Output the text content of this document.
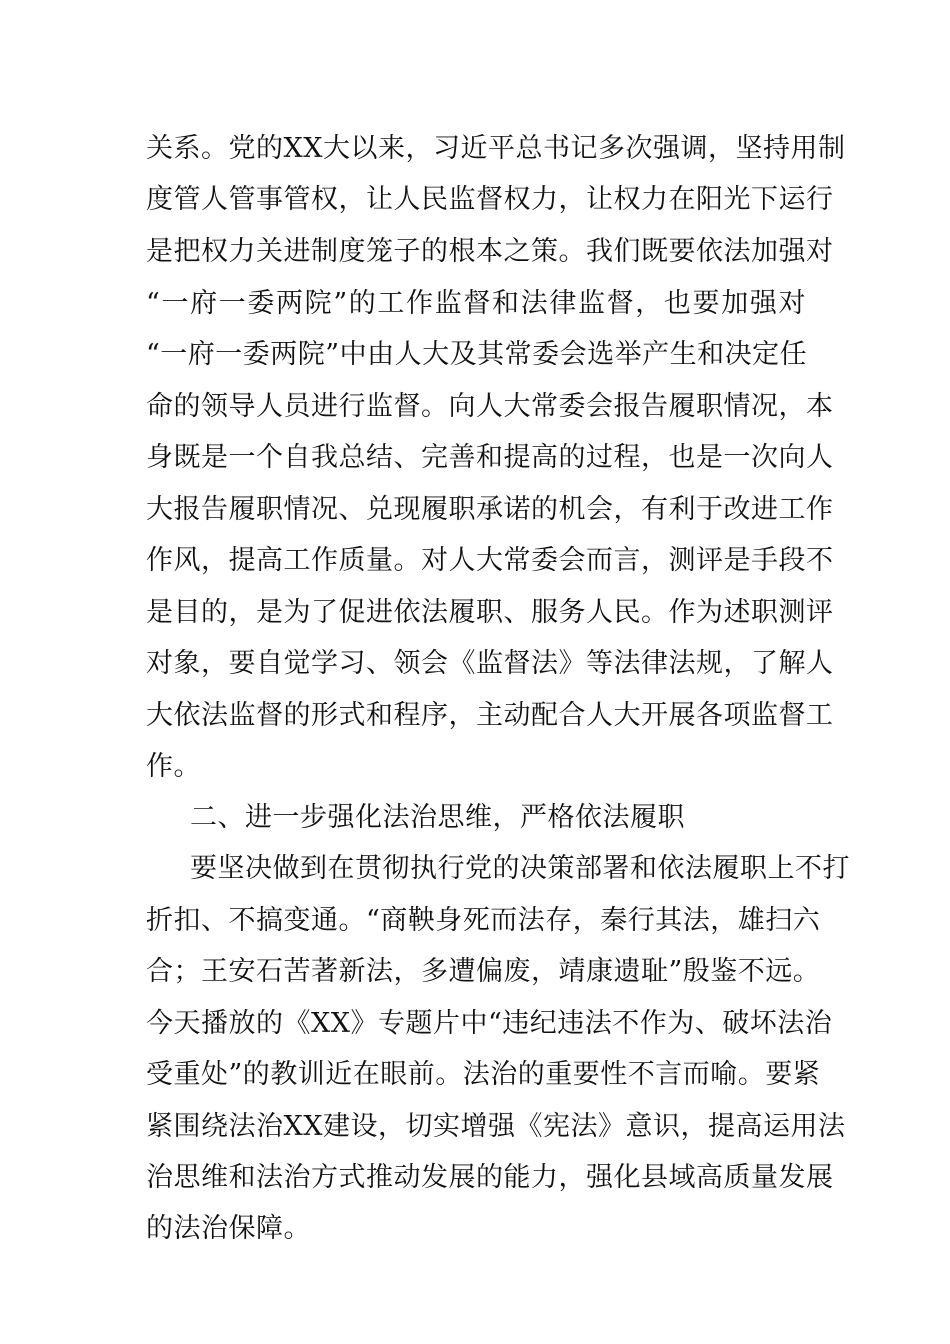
关系。党的XX大以来，习近平总书记多次强调，坚持用制
度管人管事管权，让人民监督权力，让权力在阳光下运行
是把权力关进制度笼子的根本之策。我们既要依法加强对
“一府一委两院”的工作监督和法律监督，也要加强对
“一府一委两院”中由人大及其常委会选举产生和决定任
命的领导人员进行监督。向人大常委会报告履职情况，本
身既是一个自我总结、完善和提高的过程，也是一次向人
大报告履职情况、兑现履职承诺的机会，有利于改进工作
作风，提高工作质量。对人大常委会而言，测评是手段不
是目的，是为了促进依法履职、服务人民。作为述职测评
对象，要自觉学习、领会《监督法》等法律法规，了解人
大依法监督的形式和程序，主动配合人大开展各项监督工
作。
二、进一步强化法治思维，严格依法履职
要坚决做到在贯彻执行党的决策部署和依法履职上不打
折扣、不搞变通。“商鞅身死而法存，秦行其法，雄扫六
合；王安石苦著新法，多遭偏废，靖康遗耻”殷鉴不远。
今天播放的《XX》专题片中“违纪违法不作为、破坏法治
受重处”的教训近在眼前。法治的重要性不言而喻。要紧
紧围绕法治XX建设，切实增强《宪法》意识，提高运用法
治思维和法治方式推动发展的能力，强化县域高质量发展
的法治保障。
